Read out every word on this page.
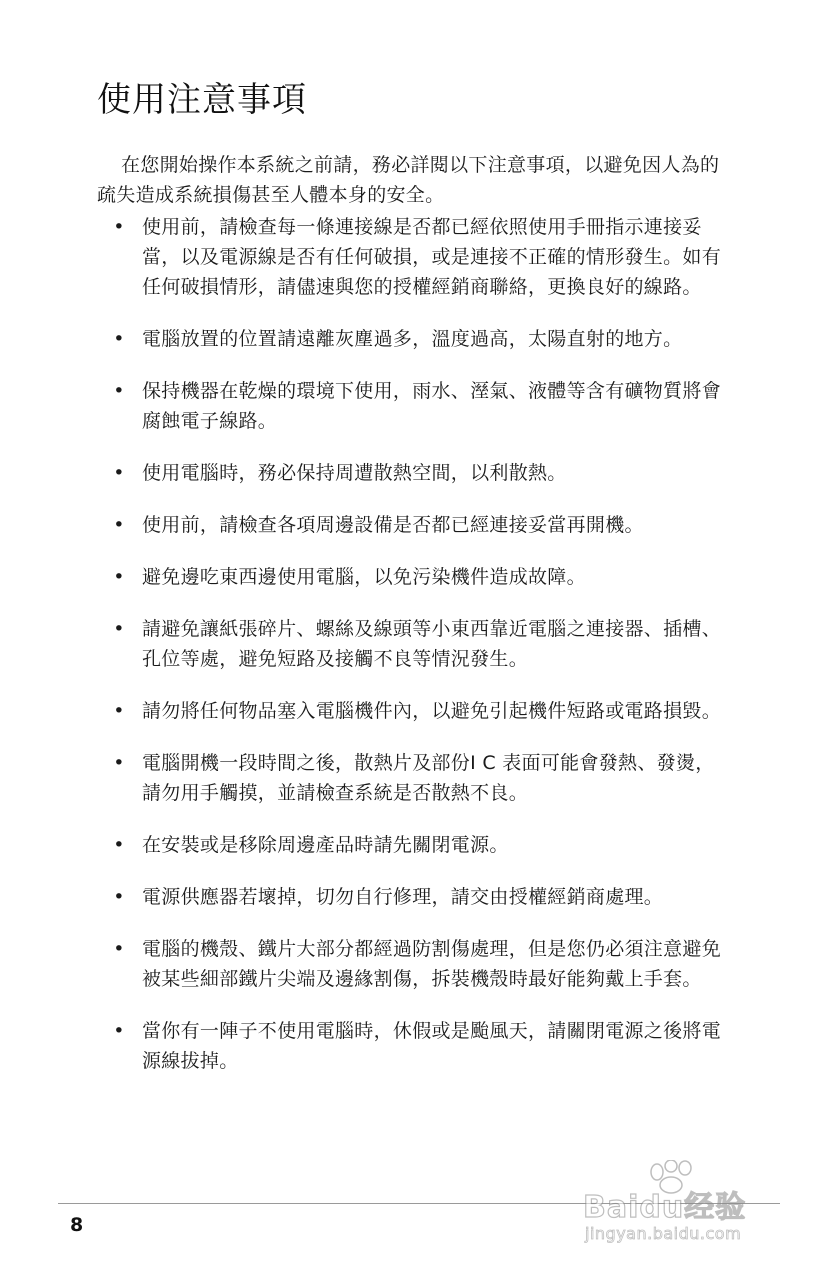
使用注意事項

在您開始操作本系統之前請，務必詳閱以下注意事項，以避免因人為的疏失造成系統損傷甚至人體本身的安全。

• 使用前，請檢查每一條連接線是否都已經依照使用手冊指示連接妥當，以及電源線是否有任何破損，或是連接不正確的情形發生。如有任何破損情形，請儘速與您的授權經銷商聯絡，更換良好的線路。
• 電腦放置的位置請遠離灰塵過多，溫度過高，太陽直射的地方。
• 保持機器在乾燥的環境下使用，雨水、溼氣、液體等含有礦物質將會腐蝕電子線路。
• 使用電腦時，務必保持周遭散熱空間，以利散熱。
• 使用前，請檢查各項周邊設備是否都已經連接妥當再開機。
• 避免邊吃東西邊使用電腦，以免污染機件造成故障。
• 請避免讓紙張碎片、螺絲及線頭等小東西靠近電腦之連接器、插槽、孔位等處，避免短路及接觸不良等情況發生。
• 請勿將任何物品塞入電腦機件內，以避免引起機件短路或電路損毀。
• 電腦開機一段時間之後，散熱片及部份I C 表面可能會發熱、發燙，請勿用手觸摸，並請檢查系統是否散熱不良。
• 在安裝或是移除周邊產品時請先關閉電源。
• 電源供應器若壞掉，切勿自行修理，請交由授權經銷商處理。
• 電腦的機殼、鐵片大部分都經過防割傷處理，但是您仍必須注意避免被某些細部鐵片尖端及邊緣割傷，拆裝機殼時最好能夠戴上手套。
• 當你有一陣子不使用電腦時，休假或是颱風天，請關閉電源之後將電源線拔掉。
8	Baidu经验
jingyan.baidu.com
